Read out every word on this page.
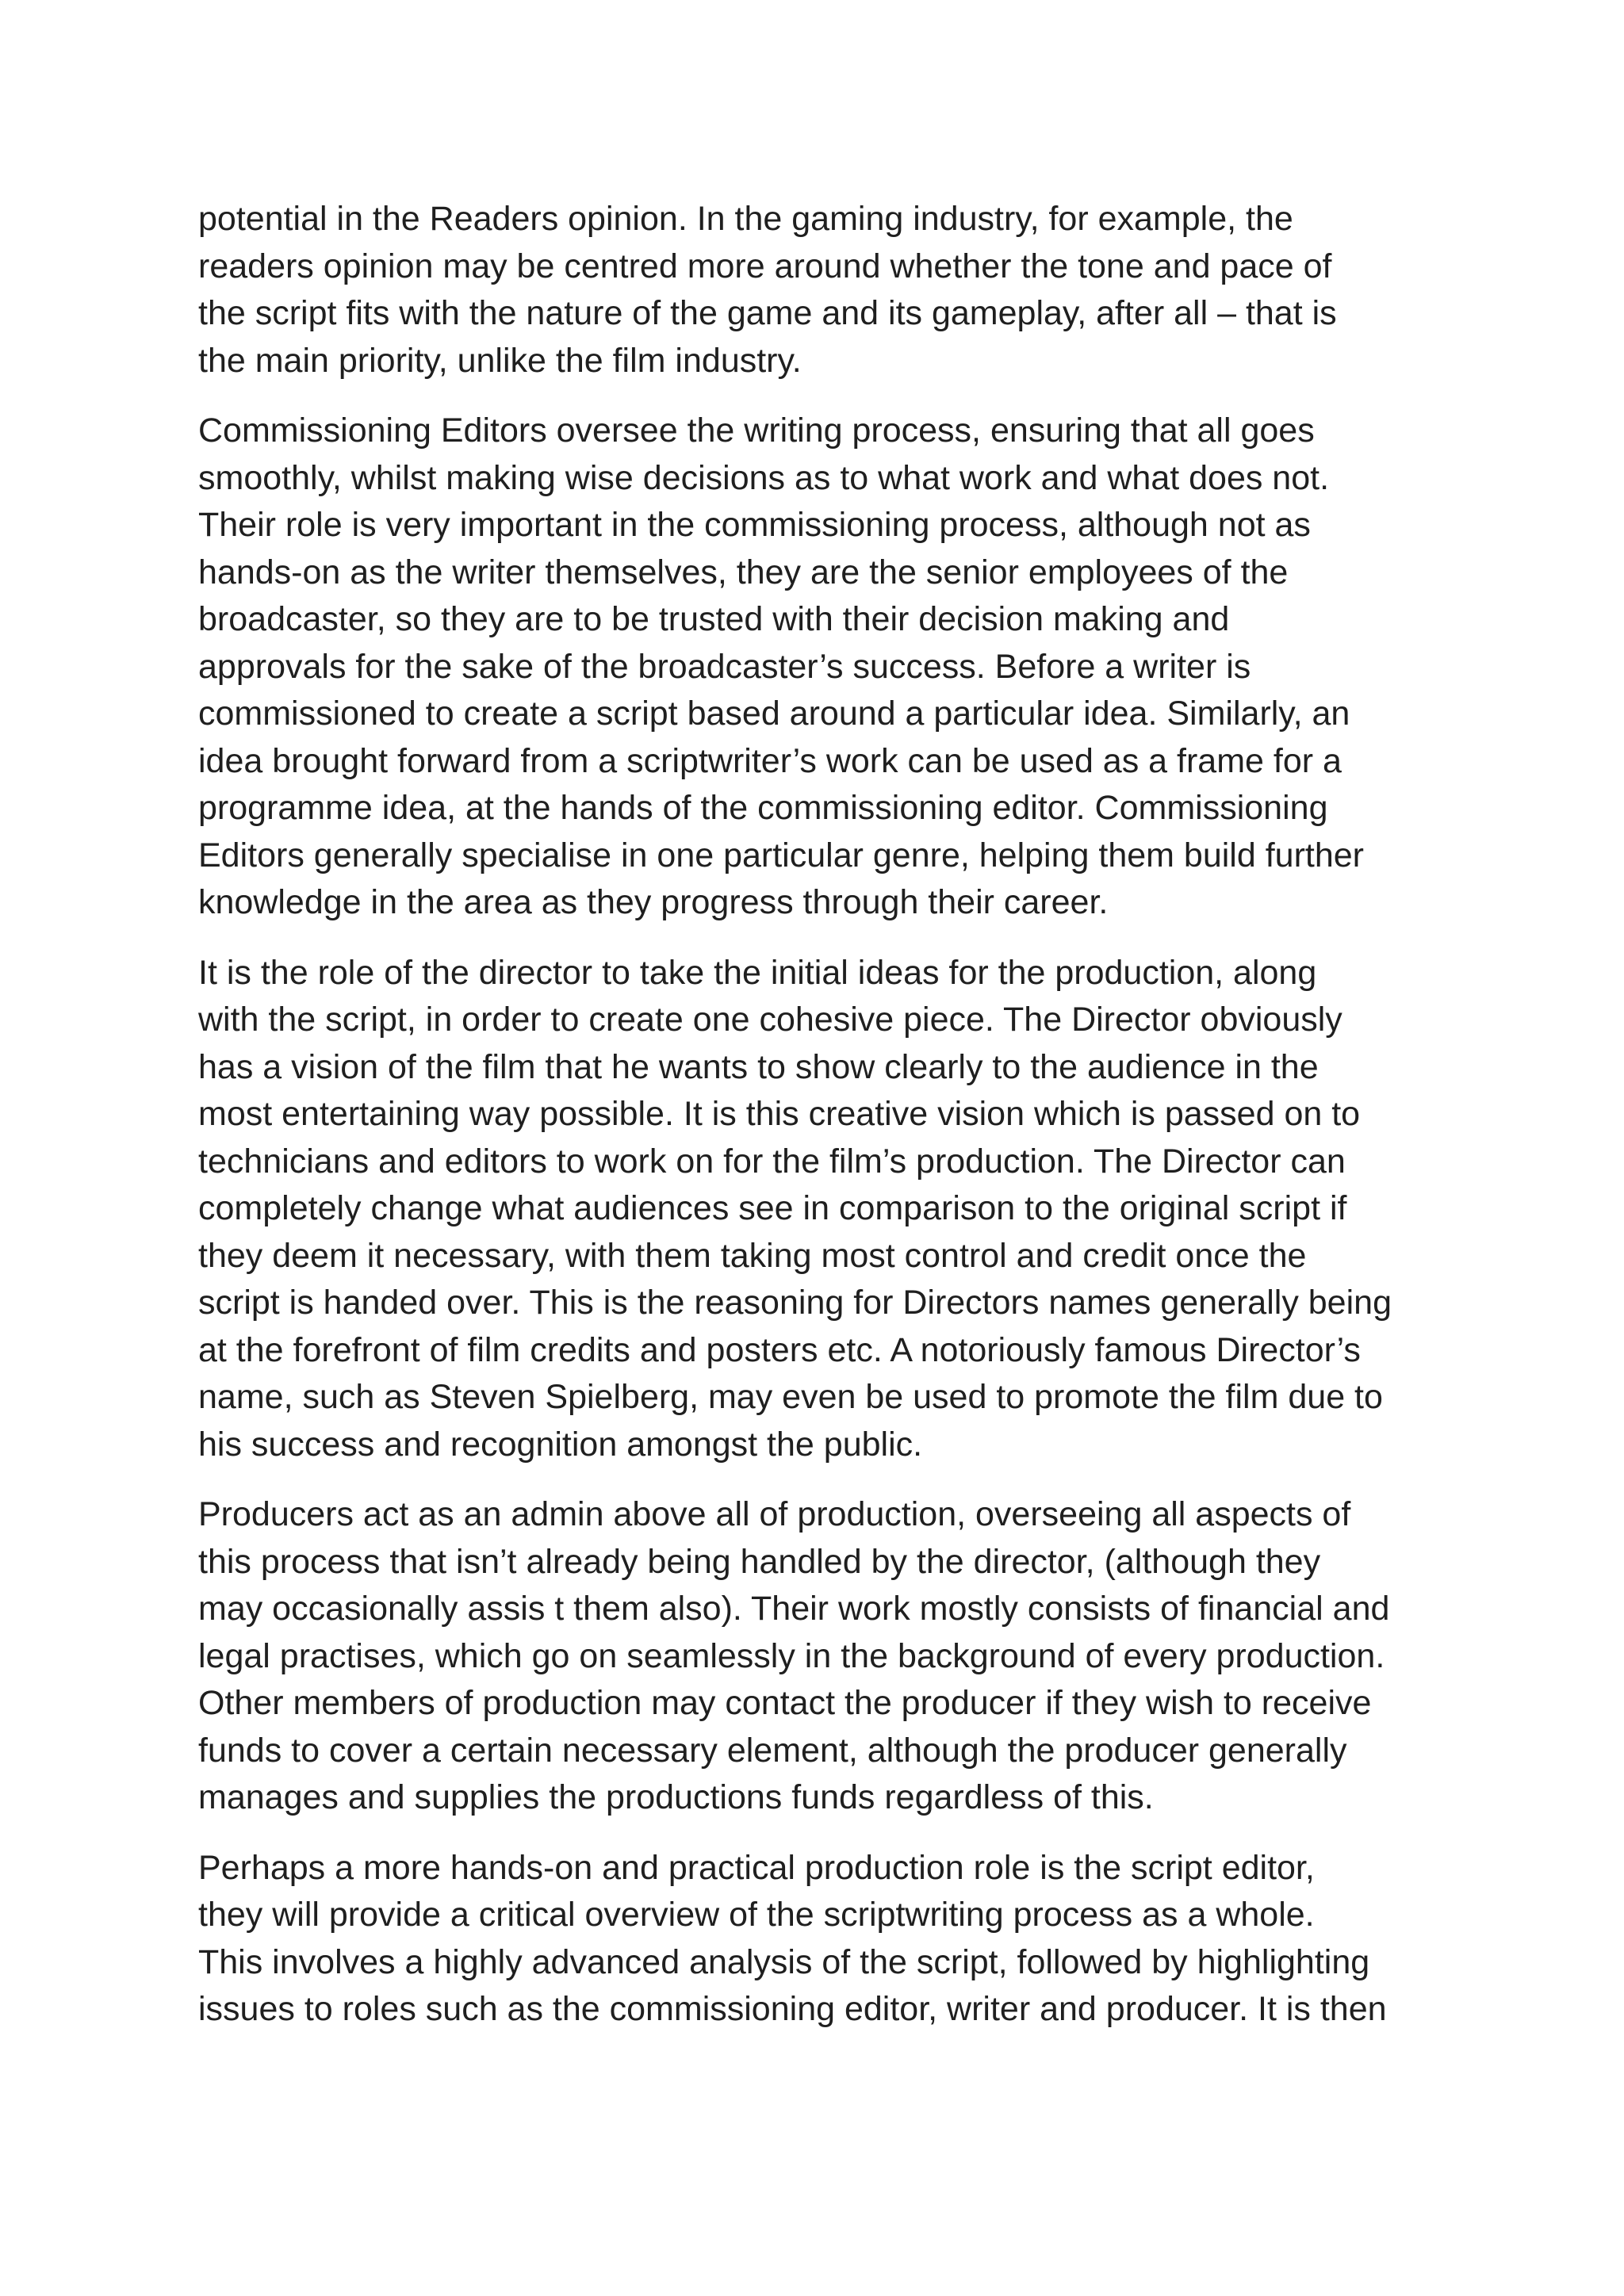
potential in the Readers opinion. In the gaming industry, for example, the
readers opinion may be centred more around whether the tone and pace of
the script fits with the nature of the game and its gameplay, after all – that is
the main priority, unlike the film industry.

Commissioning Editors oversee the writing process, ensuring that all goes
smoothly, whilst making wise decisions as to what work and what does not.
Their role is very important in the commissioning process, although not as
hands-on as the writer themselves, they are the senior employees of the
broadcaster, so they are to be trusted with their decision making and
approvals for the sake of the broadcaster’s success. Before a writer is
commissioned to create a script based around a particular idea. Similarly, an
idea brought forward from a scriptwriter’s work can be used as a frame for a
programme idea, at the hands of the commissioning editor. Commissioning
Editors generally specialise in one particular genre, helping them build further
knowledge in the area as they progress through their career.

It is the role of the director to take the initial ideas for the production, along
with the script, in order to create one cohesive piece. The Director obviously
has a vision of the film that he wants to show clearly to the audience in the
most entertaining way possible. It is this creative vision which is passed on to
technicians and editors to work on for the film’s production. The Director can
completely change what audiences see in comparison to the original script if
they deem it necessary, with them taking most control and credit once the
script is handed over. This is the reasoning for Directors names generally being
at the forefront of film credits and posters etc. A notoriously famous Director’s
name, such as Steven Spielberg, may even be used to promote the film due to
his success and recognition amongst the public.

Producers act as an admin above all of production, overseeing all aspects of
this process that isn’t already being handled by the director, (although they
may occasionally assis t them also). Their work mostly consists of financial and
legal practises, which go on seamlessly in the background of every production.
Other members of production may contact the producer if they wish to receive
funds to cover a certain necessary element, although the producer generally
manages and supplies the productions funds regardless of this.

Perhaps a more hands-on and practical production role is the script editor,
they will provide a critical overview of the scriptwriting process as a whole.
This involves a highly advanced analysis of the script, followed by highlighting
issues to roles such as the commissioning editor, writer and producer. It is then
